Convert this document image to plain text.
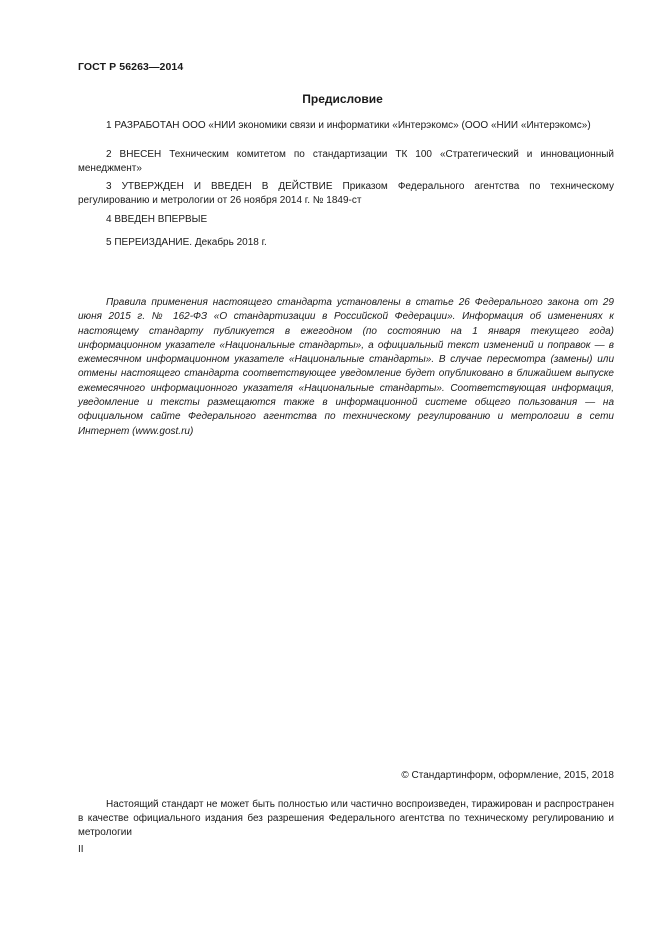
ГОСТ Р 56263—2014
Предисловие

1 РАЗРАБОТАН ООО «НИИ экономики связи и информатики «Интерэкомс» (ООО «НИИ «Интерэкомс»)

2 ВНЕСЕН Техническим комитетом по стандартизации ТК 100 «Стратегический и инновационный менеджмент»

3 УТВЕРЖДЕН И ВВЕДЕН В ДЕЙСТВИЕ Приказом Федерального агентства по техническому регулированию и метрологии от 26 ноября 2014 г. № 1849-ст

4 ВВЕДЕН ВПЕРВЫЕ

5 ПЕРЕИЗДАНИЕ. Декабрь 2018 г.

Правила применения настоящего стандарта установлены в статье 26 Федерального закона от 29 июня 2015 г. № 162-ФЗ «О стандартизации в Российской Федерации». Информация об изменениях к настоящему стандарту публикуется в ежегодном (по состоянию на 1 января текущего года) информационном указателе «Национальные стандарты», а официальный текст изменений и поправок — в ежемесячном информационном указателе «Национальные стандарты». В случае пересмотра (замены) или отмены настоящего стандарта соответствующее уведомление будет опубликовано в ближайшем выпуске ежемесячного информационного указателя «Национальные стандарты». Соответствующая информация, уведомление и тексты размещаются также в информационной системе общего пользования — на официальном сайте Федерального агентства по техническому регулированию и метрологии в сети Интернет (www.gost.ru)

© Стандартинформ, оформление, 2015, 2018

Настоящий стандарт не может быть полностью или частично воспроизведен, тиражирован и распространен в качестве официального издания без разрешения Федерального агентства по техническому регулированию и метрологии

II
